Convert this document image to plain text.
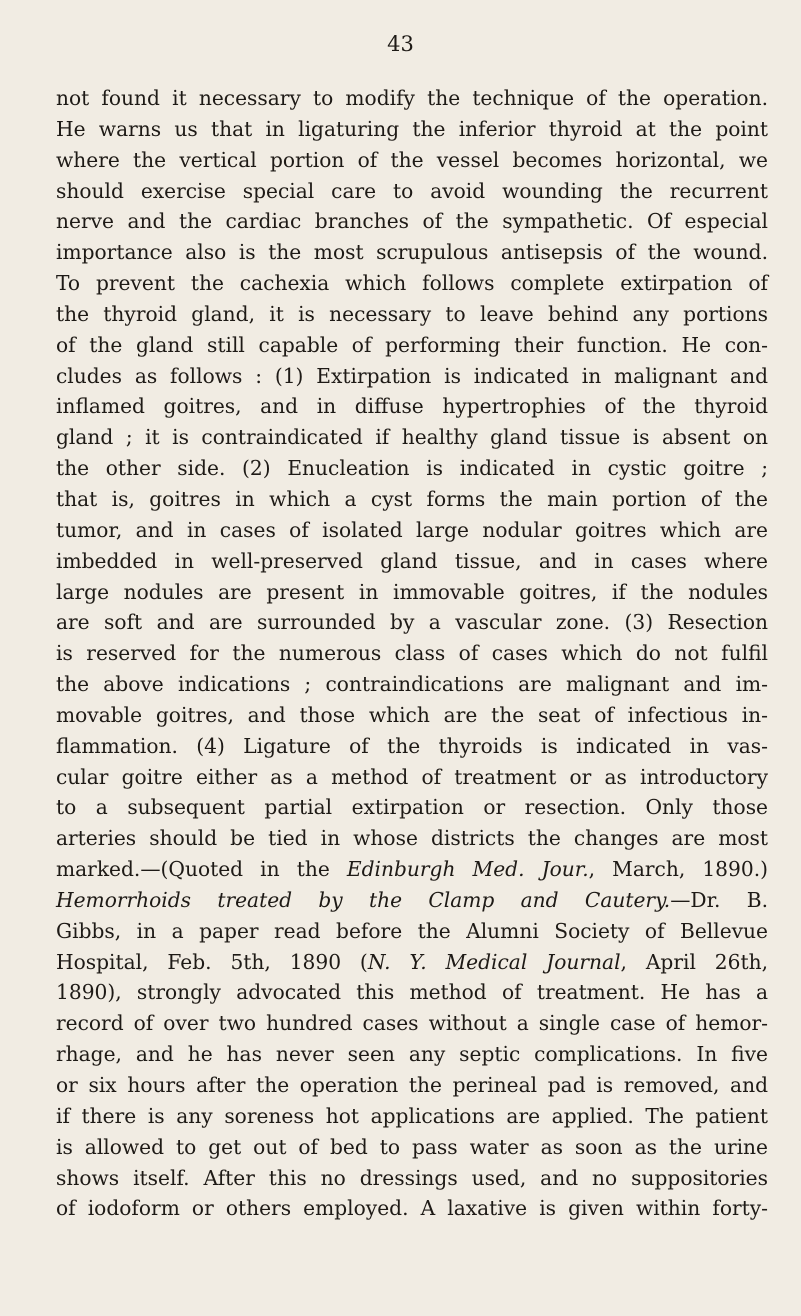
43
not found it necessary to modify the technique of the operation.
He warns us that in ligaturing the inferior thyroid at the point
where the vertical portion of the vessel becomes horizontal, we
should exercise special care to avoid wounding the recurrent
nerve and the cardiac branches of the sympathetic. Of especial
importance also is the most scrupulous antisepsis of the wound.
To prevent the cachexia which follows complete extirpation of
the thyroid gland, it is necessary to leave behind any portions
of the gland still capable of performing their function. He con-
cludes as follows : (1) Extirpation is indicated in malignant and
inflamed goitres, and in diffuse hypertrophies of the thyroid
gland ; it is contraindicated if healthy gland tissue is absent on
the other side. (2) Enucleation is indicated in cystic goitre ;
that is, goitres in which a cyst forms the main portion of the
tumor, and in cases of isolated large nodular goitres which are
imbedded in well-preserved gland tissue, and in cases where
large nodules are present in immovable goitres, if the nodules
are soft and are surrounded by a vascular zone. (3) Resection
is reserved for the numerous class of cases which do not fulfil
the above indications ; contraindications are malignant and im-
movable goitres, and those which are the seat of infectious in-
flammation. (4) Ligature of the thyroids is indicated in vas-
cular goitre either as a method of treatment or as introductory
to a subsequent partial extirpation or resection. Only those
arteries should be tied in whose districts the changes are most
marked.—(Quoted in the Edinburgh Med. Jour., March, 1890.)
Hemorrhoids treated by the Clamp and Cautery.—Dr. B.
Gibbs, in a paper read before the Alumni Society of Bellevue
Hospital, Feb. 5th, 1890 (N. Y. Medical Journal, April 26th,
1890), strongly advocated this method of treatment. He has a
record of over two hundred cases without a single case of hemor-
rhage, and he has never seen any septic complications. In five
or six hours after the operation the perineal pad is removed, and
if there is any soreness hot applications are applied. The patient
is allowed to get out of bed to pass water as soon as the urine
shows itself. After this no dressings used, and no suppositories
of iodoform or others employed. A laxative is given within forty-
